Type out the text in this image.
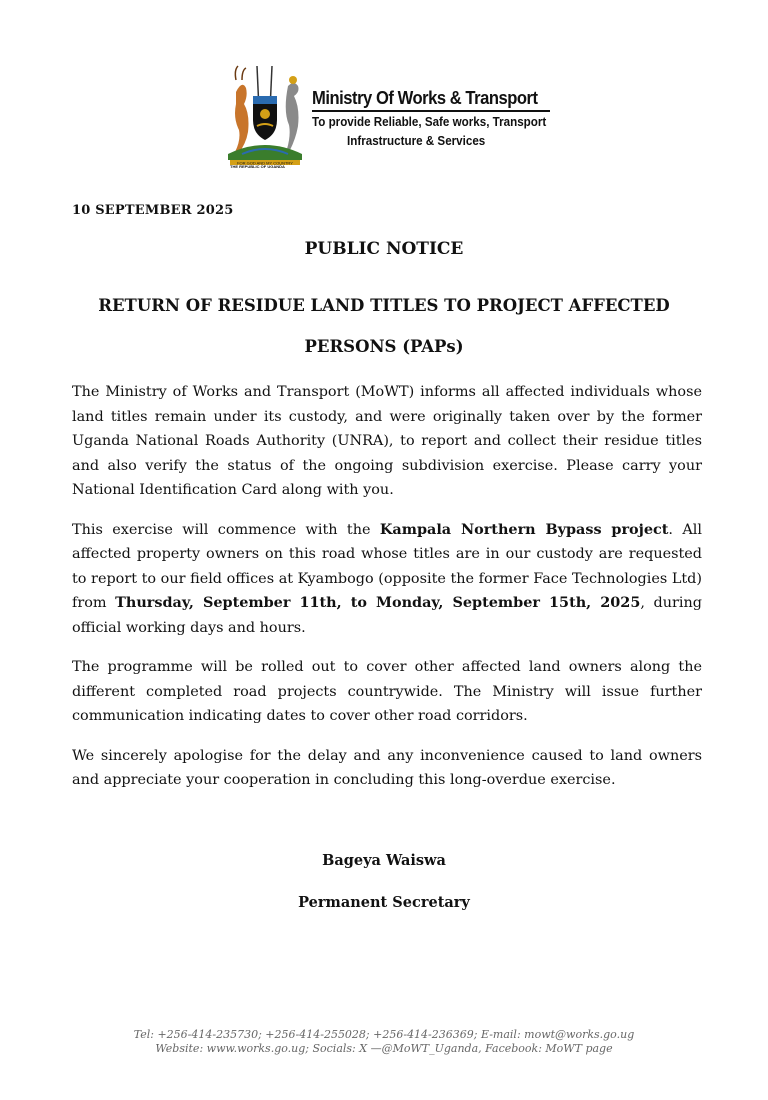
FOR GOD AND MY COUNTRY
THE REPUBLIC OF UGANDA
Ministry Of Works & Transport
To provide Reliable, Safe works, Transport
Infrastructure & Services
10 SEPTEMBER 2025
PUBLIC NOTICE
RETURN OF RESIDUE LAND TITLES TO PROJECT AFFECTED
PERSONS (PAPs)

The Ministry of Works and Transport (MoWT) informs all affected individuals whose land titles remain under its custody, and were originally taken over by the former Uganda National Roads Authority (UNRA), to report and collect their residue titles and also verify the status of the ongoing subdivision exercise. Please carry your National Identification Card along with you.

This exercise will commence with the Kampala Northern Bypass project. All affected property owners on this road whose titles are in our custody are requested to report to our field offices at Kyambogo (opposite the former Face Technologies Ltd) from Thursday, September 11th, to Monday, September 15th, 2025, during official working days and hours.

The programme will be rolled out to cover other affected land owners along the different completed road projects countrywide. The Ministry will issue further communication indicating dates to cover other road corridors.

We sincerely apologise for the delay and any inconvenience caused to land owners and appreciate your cooperation in concluding this long-overdue exercise.

Bageya Waiswa
Permanent Secretary
Tel: +256-414-235730; +256-414-255028; +256-414-236369; E-mail: mowt@works.go.ug
Website: www.works.go.ug; Socials: X —@MoWT_Uganda, Facebook: MoWT page
